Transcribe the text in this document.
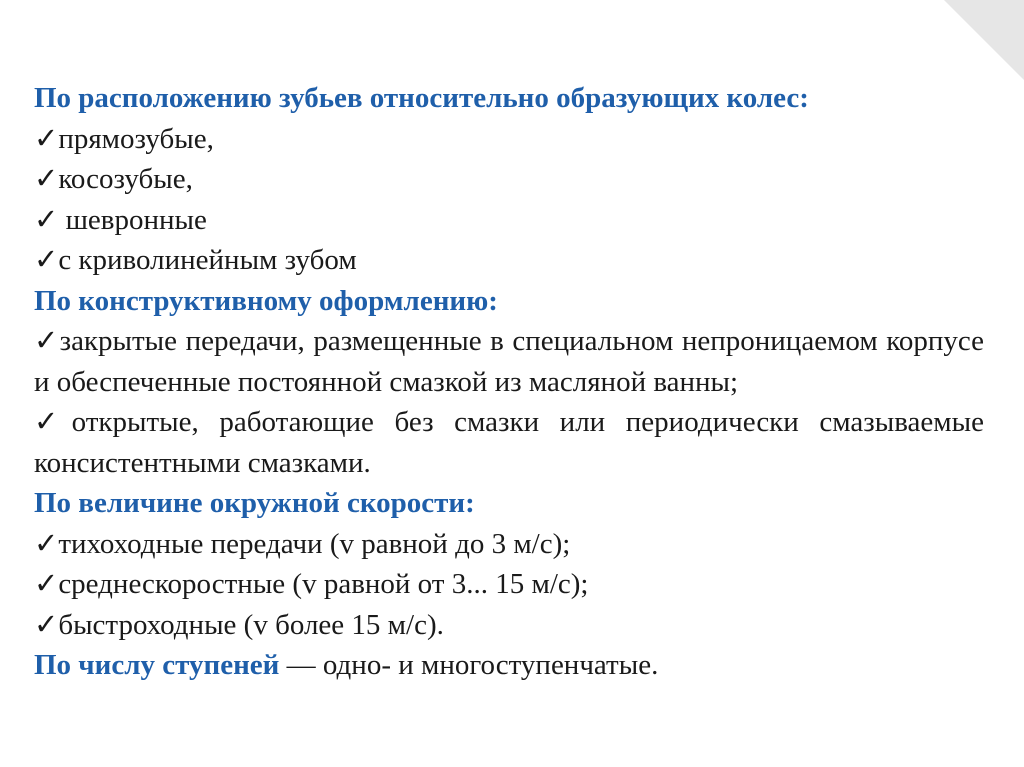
По расположению зубьев относительно образующих колес:
✓прямозубые,
✓косозубые,
✓ шевронные
✓с криволинейным зубом
По конструктивному оформлению:
✓закрытые передачи, размещенные в специальном непроницаемом корпусе и обеспеченные постоянной смазкой из масляной ванны;
✓открытые, работающие без смазки или периодически смазываемые консистентными смазками.
По величине окружной скорости:
✓тихоходные передачи (v равной до 3 м/с);
✓среднескоростные (v равной от 3... 15 м/с);
✓быстроходные (v более 15 м/с).
По числу ступеней — одно- и многоступенчатые.
